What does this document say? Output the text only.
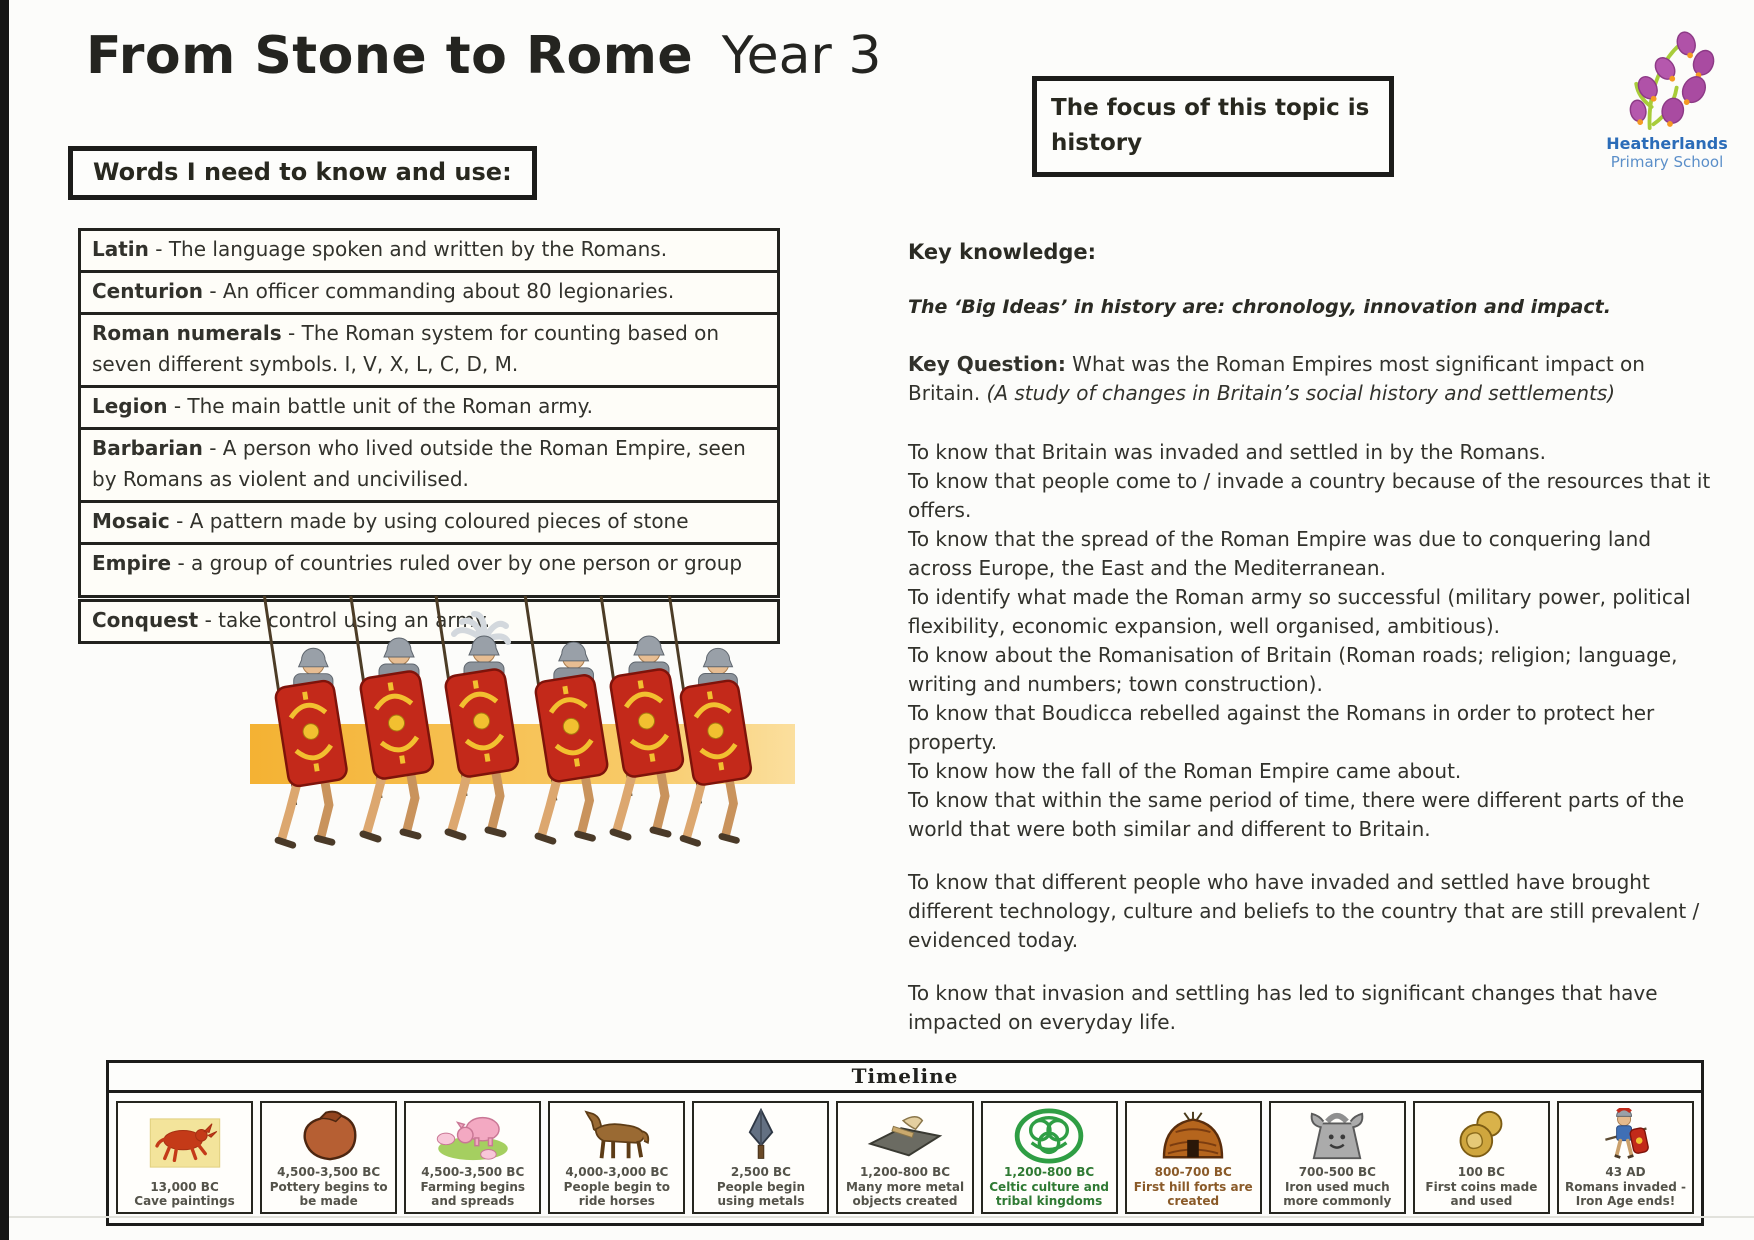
From Stone to Rome Year 3
The focus of this topic is
history	Heatherlands
Primary School
Words I need to know and use:
Latin - The language spoken and written by the Romans.
Centurion - An officer commanding about 80 legionaries.
Roman numerals - The Roman system for counting based on seven different symbols. I, V, X, L, C, D, M.
Legion - The main battle unit of the Roman army.
Barbarian - A person who lived outside the Roman Empire, seen by Romans as violent and uncivilised.
Mosaic - A pattern made by using coloured pieces of stone
Empire - a group of countries ruled over by one person or group
Conquest - take control using an army.
Key knowledge:
The ‘Big Ideas’ in history are: chronology, innovation and impact.
Key Question: What was the Roman Empires most significant impact on Britain. (A study of changes in Britain’s social history and settlements)
To know that Britain was invaded and settled in by the Romans.
To know that people come to / invade a country because of the resources that it offers.
To know that the spread of the Roman Empire was due to conquering land across Europe, the East and the Mediterranean.
To identify what made the Roman army so successful (military power, political flexibility, economic expansion, well organised, ambitious).
To know about the Romanisation of Britain (Roman roads; religion; language, writing and numbers; town construction).
To know that Boudicca rebelled against the Romans in order to protect her property.
To know how the fall of the Roman Empire came about.
To know that within the same period of time, there were different parts of the world that were both similar and different to Britain.
To know that different people who have invaded and settled have brought different technology, culture and beliefs to the country that are still prevalent / evidenced today.
To know that invasion and settling has led to significant changes that have impacted on everyday life.
Timeline
13,000 BC
Cave paintings
4,500-3,500 BC
Pottery begins to be made
4,500-3,500 BC
Farming begins and spreads
4,000-3,000 BC
People begin to ride horses
2,500 BC
People begin using metals
1,200-800 BC
Many more metal objects created
1,200-800 BC
Celtic culture and tribal kingdoms
800-700 BC
First hill forts are created
700-500 BC
Iron used much more commonly
100 BC
First coins made and used
43 AD
Romans invaded - Iron Age ends!
